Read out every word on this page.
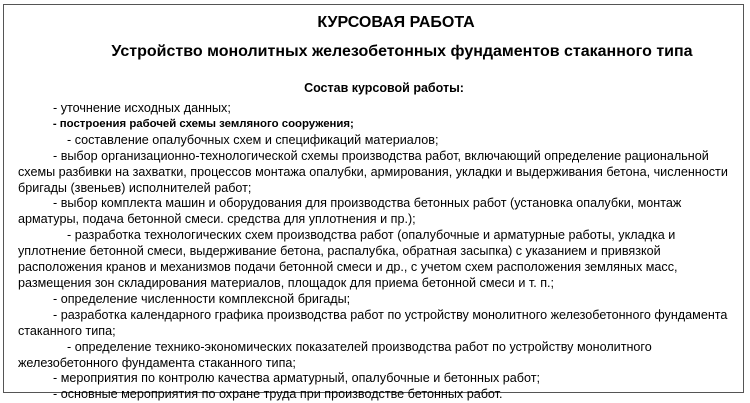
КУРСОВАЯ РАБОТА
Устройство монолитных железобетонных фундаментов стаканного типа
Состав курсовой работы:

- уточнение исходных данных;

- построения рабочей схемы земляного сооружения;

- составление опалубочных схем и спецификаций материалов;

- выбор организационно-технологической схемы производства работ, включающий определение рациональной схемы разбивки на захватки, процессов монтажа опалубки, армирования, укладки и выдерживания бетона, численности бригады (звеньев) исполнителей работ;

- выбор комплекта машин и оборудования для производства бетонных работ (установка опалубки, монтаж арматуры, подача бетонной смеси. средства для уплотнения и пр.);

- разработка технологических схем производства работ (опалубочные и арматурные работы, укладка и уплотнение бетонной смеси, выдерживание бетона, распалубка, обратная засыпка) с указанием и привязкой расположения кранов и механизмов подачи бетонной смеси и др., с учетом схем расположения земляных масс, размещения зон складирования материалов, площадок для приема бетонной смеси и т. п.;

- определение численности комплексной бригады;

- разработка календарного графика производства работ по устройству монолитного железобетонного фундамента стаканного типа;

- определение технико-экономических показателей производства работ по устройству монолитного железобетонного фундамента стаканного типа;

- мероприятия по контролю качества арматурный, опалубочные и бетонных работ;

- основные мероприятия по охране труда при производстве бетонных работ.
